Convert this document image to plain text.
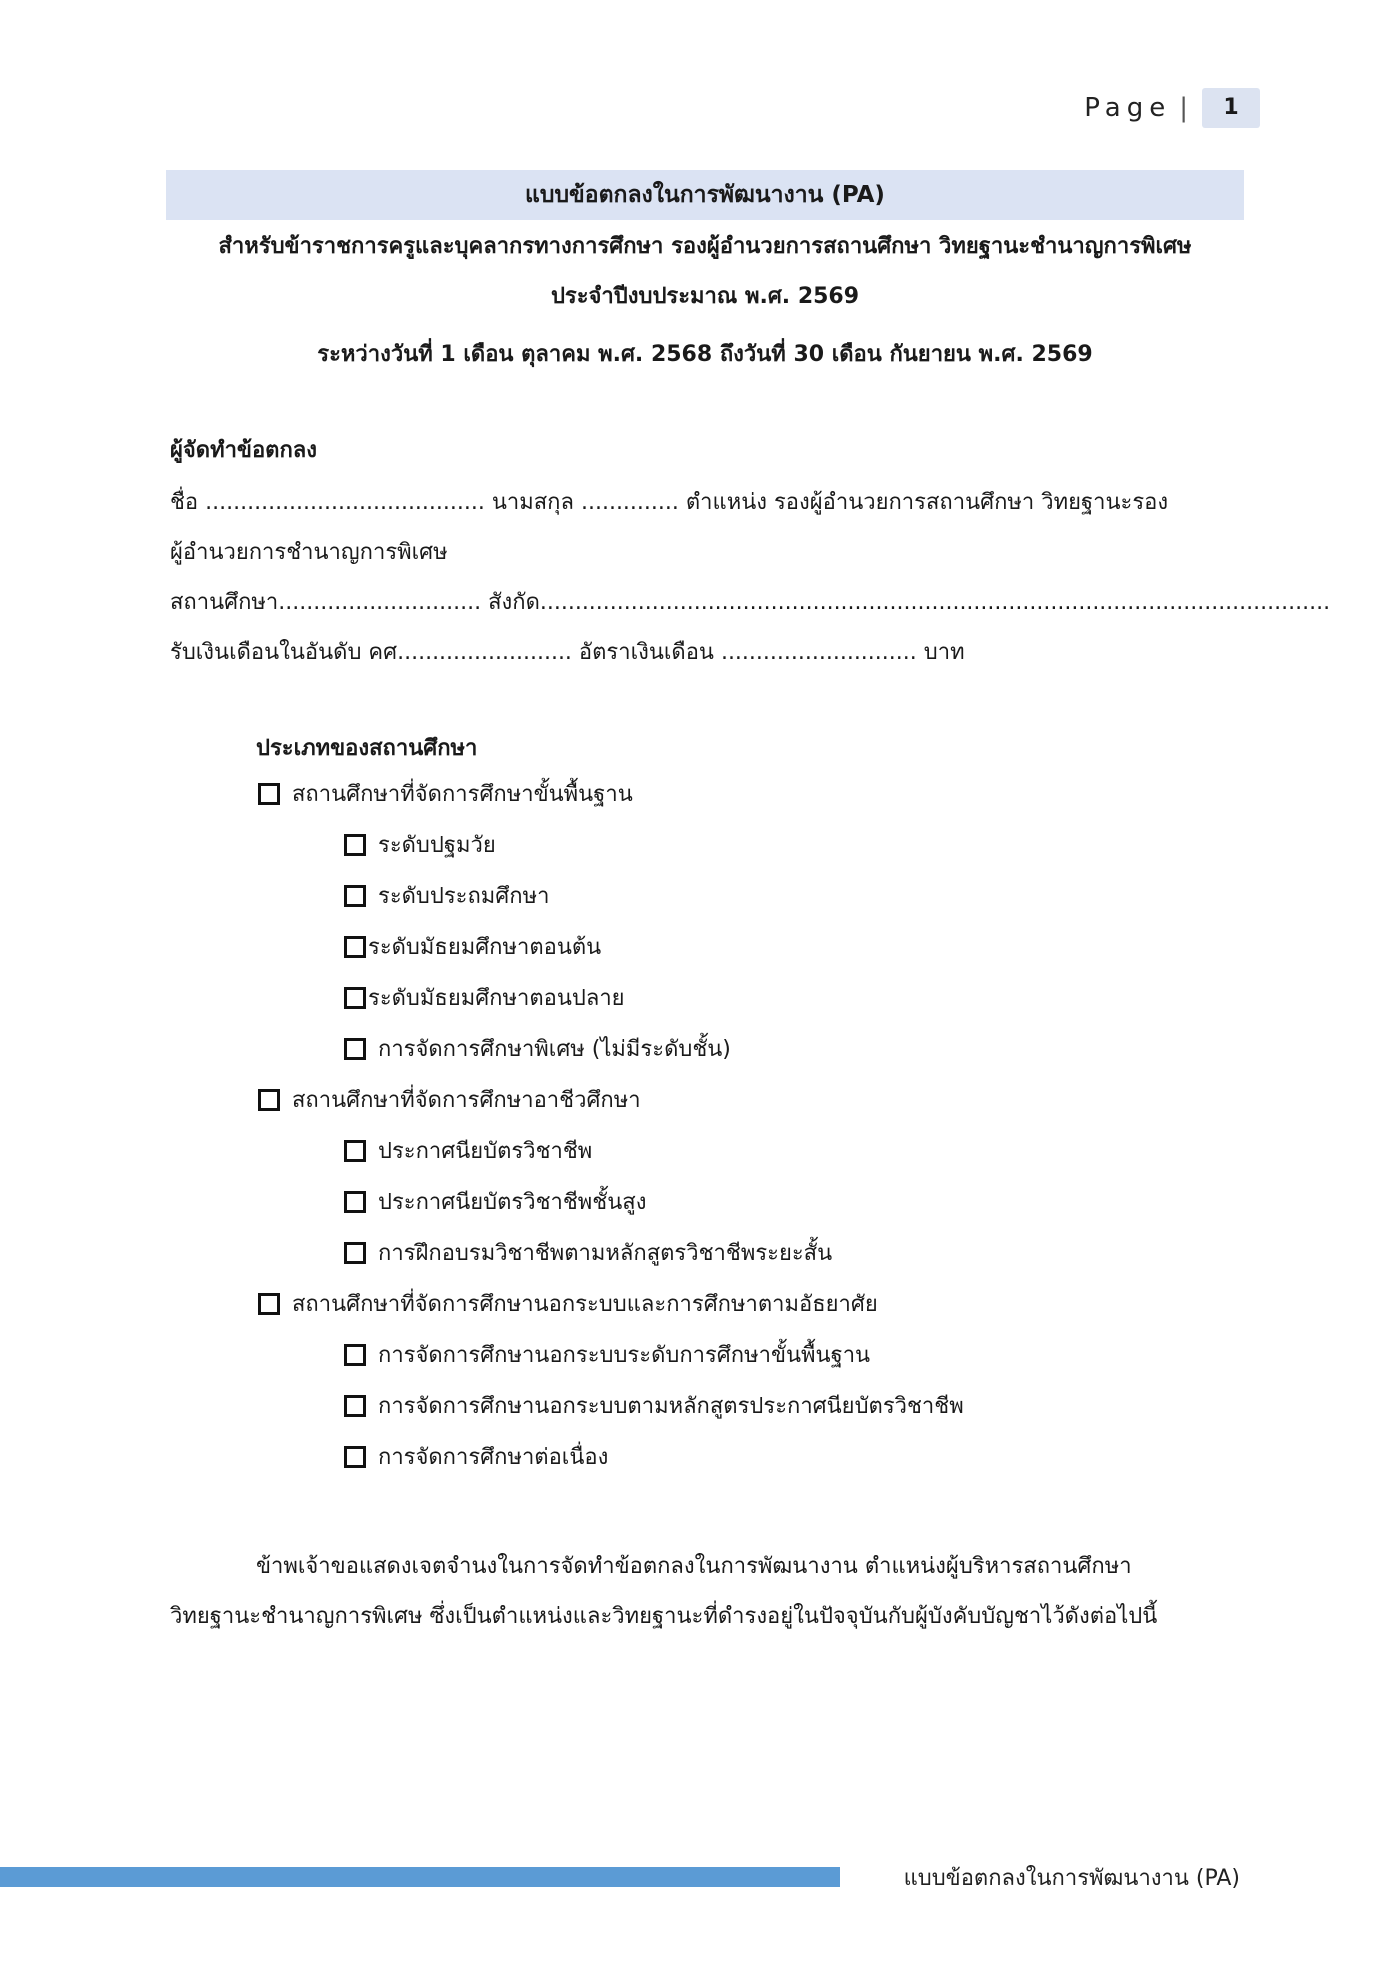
Page |	1
แบบข้อตกลงในการพัฒนางาน (PA)
สำหรับข้าราชการครูและบุคลากรทางการศึกษา รองผู้อำนวยการสถานศึกษา วิทยฐานะชำนาญการพิเศษ
ประจำปีงบประมาณ พ.ศ. 2569
ระหว่างวันที่ 1 เดือน ตุลาคม พ.ศ. 2568 ถึงวันที่ 30 เดือน กันยายน พ.ศ. 2569
ผู้จัดทำข้อตกลง
ชื่อ ........................................ นามสกุล .............. ตำแหน่ง รองผู้อำนวยการสถานศึกษา วิทยฐานะรอง
ผู้อำนวยการชำนาญการพิเศษ
สถานศึกษา............................. สังกัด.................................................................................................................
รับเงินเดือนในอันดับ คศ......................... อัตราเงินเดือน ............................ บาท
ประเภทของสถานศึกษา
สถานศึกษาที่จัดการศึกษาขั้นพื้นฐาน
ระดับปฐมวัย
ระดับประถมศึกษา
ระดับมัธยมศึกษาตอนต้น
ระดับมัธยมศึกษาตอนปลาย
การจัดการศึกษาพิเศษ (ไม่มีระดับชั้น)
สถานศึกษาที่จัดการศึกษาอาชีวศึกษา
ประกาศนียบัตรวิชาชีพ
ประกาศนียบัตรวิชาชีพชั้นสูง
การฝึกอบรมวิชาชีพตามหลักสูตรวิชาชีพระยะสั้น
สถานศึกษาที่จัดการศึกษานอกระบบและการศึกษาตามอัธยาศัย
การจัดการศึกษานอกระบบระดับการศึกษาขั้นพื้นฐาน
การจัดการศึกษานอกระบบตามหลักสูตรประกาศนียบัตรวิชาชีพ
การจัดการศึกษาต่อเนื่อง
ข้าพเจ้าขอแสดงเจตจำนงในการจัดทำข้อตกลงในการพัฒนางาน ตำแหน่งผู้บริหารสถานศึกษา
วิทยฐานะชำนาญการพิเศษ ซึ่งเป็นตำแหน่งและวิทยฐานะที่ดำรงอยู่ในปัจจุบันกับผู้บังคับบัญชาไว้ดังต่อไปนี้
แบบข้อตกลงในการพัฒนางาน (PA)
